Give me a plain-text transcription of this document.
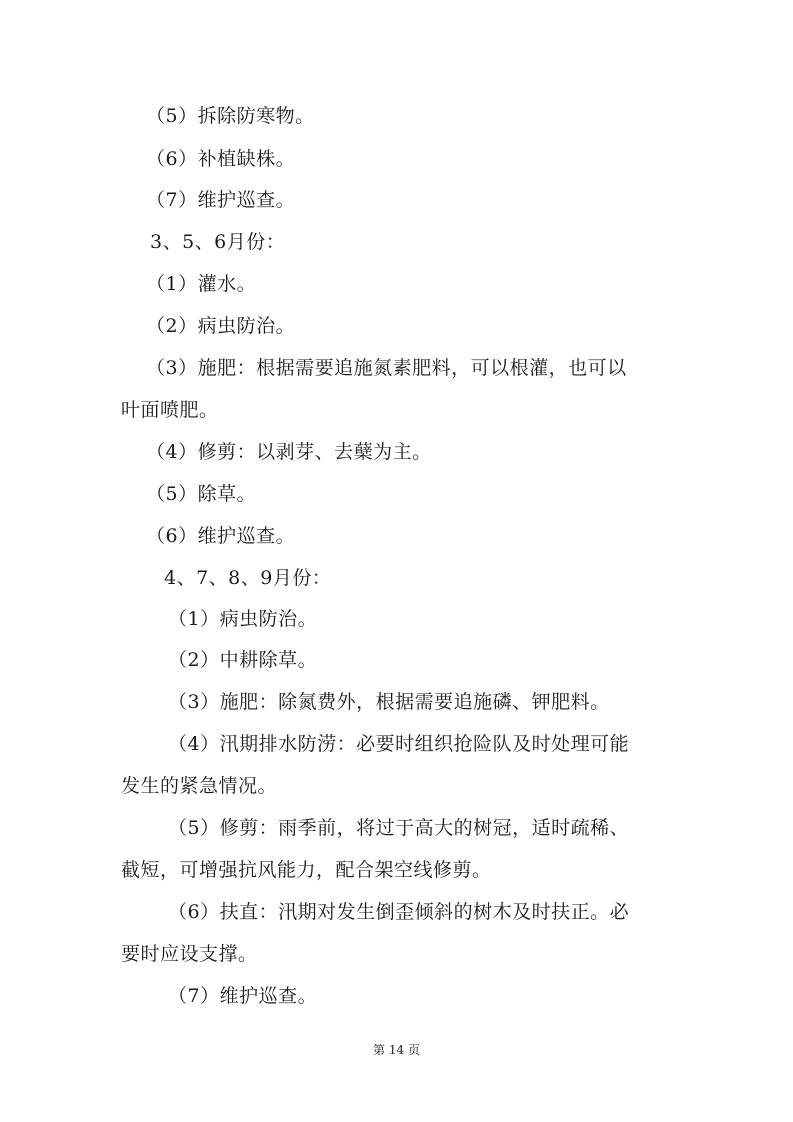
（5）拆除防寒物。
（6）补植缺株。
（7）维护巡查。
3、5、6月份：
（1）灌水。
（2）病虫防治。
（3）施肥：根据需要追施氮素肥料，可以根灌，也可以
叶面喷肥。
（4）修剪：以剥芽、去蘖为主。
（5）除草。
（6）维护巡查。
4、7、8、9月份：
（1）病虫防治。
（2）中耕除草。
（3）施肥：除氮费外，根据需要追施磷、钾肥料。
（4）汛期排水防涝：必要时组织抢险队及时处理可能
发生的紧急情况。
（5）修剪：雨季前，将过于高大的树冠，适时疏稀、
截短，可增强抗风能力，配合架空线修剪。
（6）扶直：汛期对发生倒歪倾斜的树木及时扶正。必
要时应设支撑。
（7）维护巡查。
第 14 页
